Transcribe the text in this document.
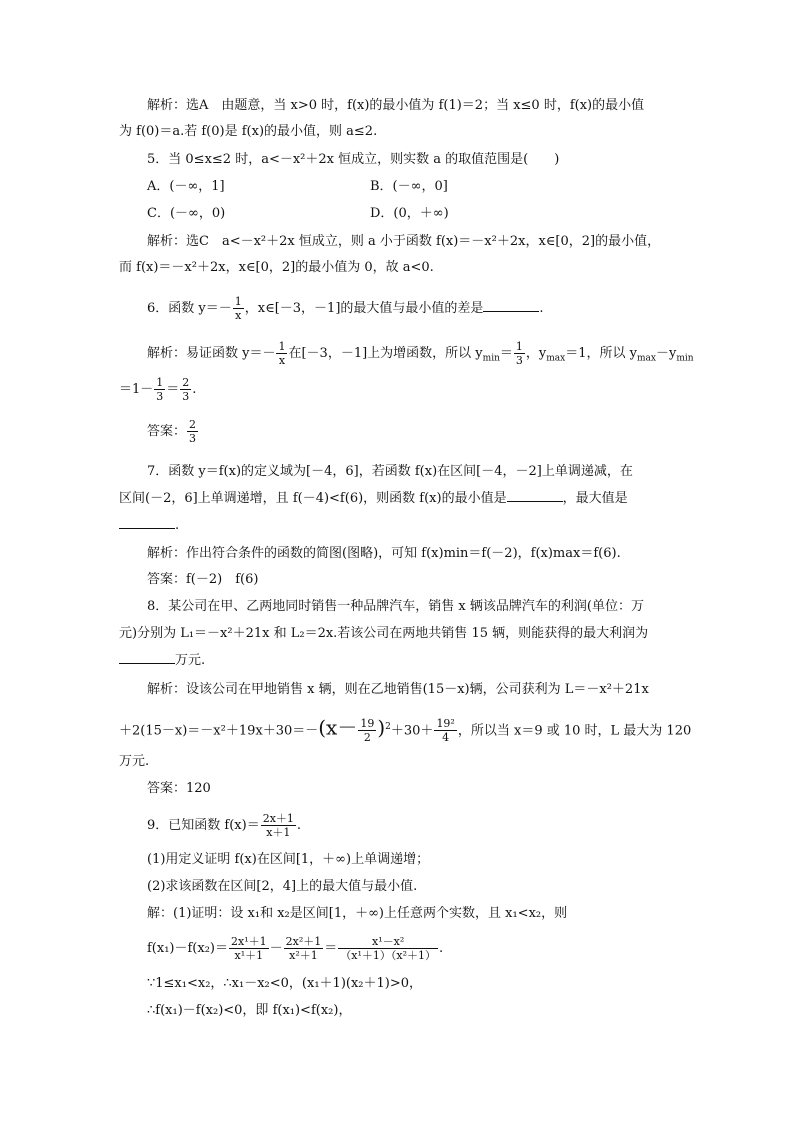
解析：选A　由题意，当 x>0 时，f(x)的最小值为 f(1)＝2；当 x≤0 时，f(x)的最小值
为 f(0)＝a.若 f(0)是 f(x)的最小值，则 a≤2.
5．当 0≤x≤2 时，a<－x²＋2x 恒成立，则实数 a 的取值范围是(　　)
A．(－∞，1]	B．(－∞，0]
C．(－∞，0)	D．(0，＋∞)
解析：选C　a<－x²＋2x 恒成立，则 a 小于函数 f(x)＝－x²＋2x，x∈[0，2]的最小值，
而 f(x)＝－x²＋2x，x∈[0，2]的最小值为 0，故 a<0.
6．函数 $y=- \frac{1}{x}$ ，x∈[－3，－1]的最大值与最小值的差是	.
解析：易证函数 $y=- \frac{1}{x}$ 在[－3，－1]上为增函数，所以 $y_{min}= \frac{1}{3}$ ，$y_{max}=1$，所以 $y_{max}-y_{min}$
$=1- \frac{1}{3} = \frac{2}{3}$ .
答案： $\frac{2}{3}$
7．函数 y＝f(x)的定义域为[－4，6]，若函数 f(x)在区间[－4，－2]上单调递减，在
区间(－2，6]上单调递增，且 f(－4)<f(6)，则函数 f(x)的最小值是	，最大值是
.
解析：作出符合条件的函数的简图(图略)，可知 f(x)min＝f(－2)，f(x)max＝f(6).
答案：f(－2)　f(6)
8．某公司在甲、乙两地同时销售一种品牌汽车，销售 x 辆该品牌汽车的利润(单位：万
元)分别为 L₁＝－x²＋21x 和 L₂＝2x.若该公司在两地共销售 15 辆，则能获得的最大利润为
万元.
解析：设该公司在甲地销售 x 辆，则在乙地销售(15－x)辆，公司获利为 L＝－x²＋21x
$+2(15-x)=-x^2+19x+30=-(x- \frac{19}{2} )^2+30+ \frac{\text{19²}}{4}$ ，所以当 x＝9 或 10 时，L 最大为 120
万元.
答案：120
9．已知函数 $f(x)= \frac{2x+1}{x+1}$ .
(1)用定义证明 f(x)在区间[1，＋∞)上单调递增；
(2)求该函数在区间[2，4]上的最大值与最小值.
解：(1)证明：设 x₁和 x₂是区间[1，＋∞)上任意两个实数，且 x₁<x₂，则
$f(x_1)-f(x_2)= \frac{\text{2x¹＋1}}{\text{x¹＋1}} - \frac{\text{2x²＋1}}{\text{x²＋1}} = \frac{\text{x¹－x²}}{\text{（x¹＋1）（x²＋1）}}$ .
∵1≤x₁<x₂，∴x₁－x₂<0，(x₁＋1)(x₂＋1)>0，
∴f(x₁)－f(x₂)<0，即 f(x₁)<f(x₂)，
